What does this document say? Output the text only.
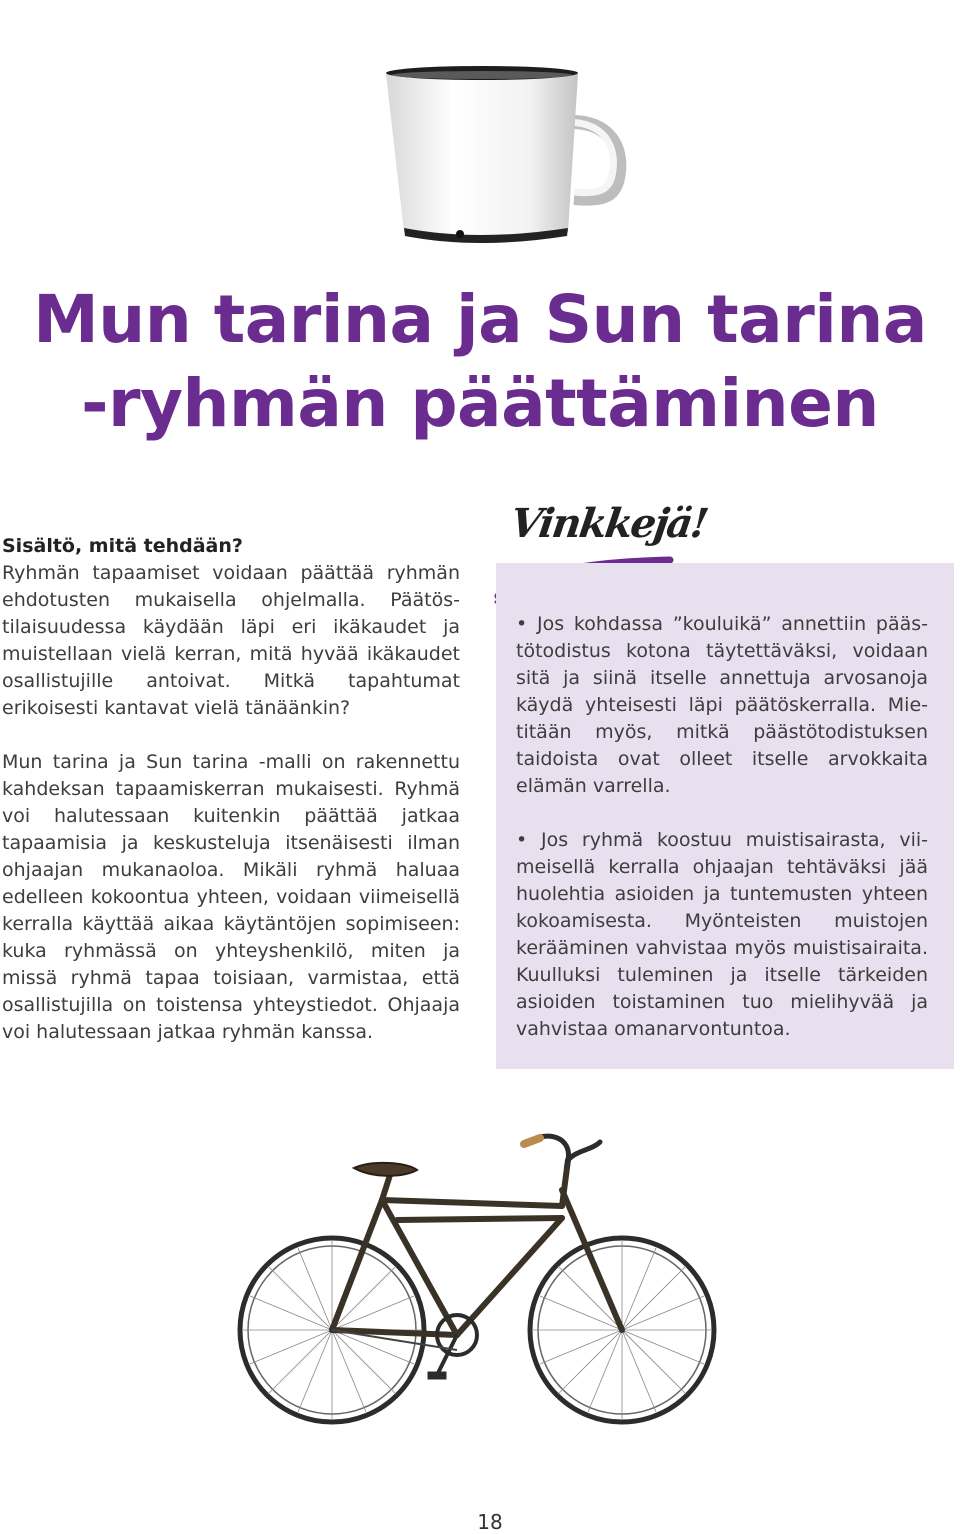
Mun tarina ja Sun tarina
-ryhmän päättäminen
Sisältö, mitä tehdään?

Ryhmän tapaamiset voidaan päättää ryhmän ehdotusten mukaisella ohjelmalla. Päätöstilaisuudessa käydään läpi eri ikäkaudet ja muistellaan vielä kerran, mitä hyvää ikäkaudet osallistujille antoivat. Mitkä tapahtumat erikoisesti kantavat vielä tänäänkin?

Mun tarina ja Sun tarina -malli on rakennettu kahdeksan tapaamiskerran mukaisesti. Ryhmä voi halutessaan kuitenkin päättää jatkaa tapaamisia ja keskusteluja itsenäisesti ilman ohjaajan mukanaoloa. Mikäli ryhmä haluaa edelleen kokoontua yhteen, voidaan viimeisellä kerralla käyttää aikaa käytäntöjen sopimiseen: kuka ryhmässä on yhteyshenkilö, miten ja missä ryhmä tapaa toisiaan, varmistaa, että osallistujilla on toistensa yhteystiedot. Ohjaaja voi halutessaan jatkaa ryhmän kanssa.

Vinkkejä!

• Jos kohdassa ”kouluikä” annettiin päästötodistus kotona täytettäväksi, voidaan sitä ja siinä itselle annettuja arvosanoja käydä yhteisesti läpi päätöskerralla. Mietitään myös, mitkä päästötodistuksen taidoista ovat olleet itselle arvokkaita elämän varrella.

• Jos ryhmä koostuu muistisairasta, viimeisellä kerralla ohjaajan tehtäväksi jää huolehtia asioiden ja tuntemusten yhteen kokoamisesta. Myönteisten muistojen kerääminen vahvistaa myös muistisairaita. Kuulluksi tuleminen ja itselle tärkeiden asioiden toistaminen tuo mielihyvää ja vahvistaa omanarvontuntoa.

18
